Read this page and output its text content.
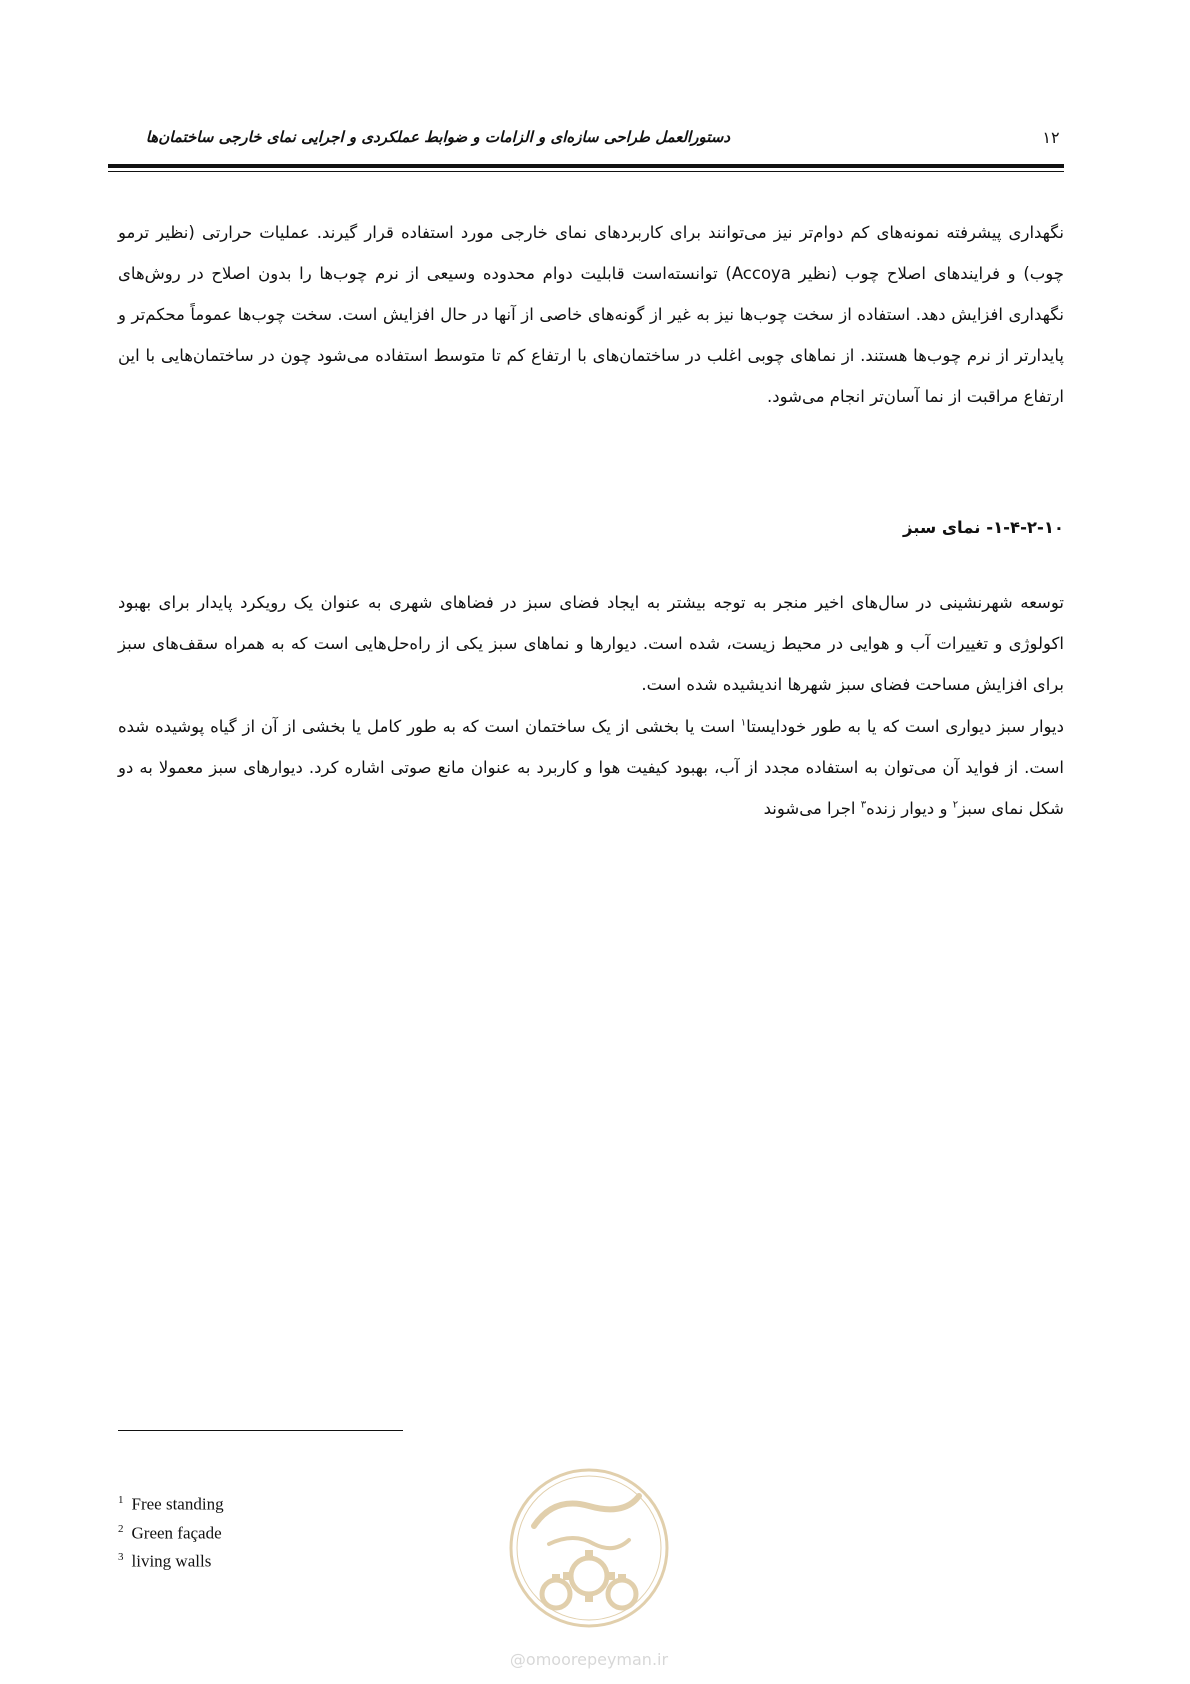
دستورالعمل طراحی سازه‌ای و الزامات و ضوابط عملکردی و اجرایی نمای خارجی ساختمان‌ها	۱۲

نگهداری پیشرفته نمونه‌های کم دوام‌تر نیز می‌توانند برای کاربردهای نمای خارجی مورد استفاده قرار گیرند. عملیات حرارتی (نظیر ترمو چوب) و فرایندهای اصلاح چوب (نظیر Accoya) توانسته‌است قابلیت دوام محدوده وسیعی از نرم چوب‌ها را بدون اصلاح در روش‌های نگهداری افزایش دهد. استفاده از سخت چوب‌ها نیز به غیر از گونه‌های خاصی از آنها در حال افزایش است. سخت چوب‌ها عموماً محکم‌تر و پایدارتر از نرم چوب‌ها هستند. از نماهای چوبی اغلب در ساختمان‌های با ارتفاع کم تا متوسط استفاده می‌شود چون در ساختمان‌هایی با این ارتفاع مراقبت از نما آسان‌تر انجام می‌شود.

۱-۴-۲-۱۰- نمای سبز

توسعه شهرنشینی در سال‌های اخیر منجر به توجه بیشتر به ایجاد فضای سبز در فضاهای شهری به عنوان یک رویکرد پایدار برای بهبود اکولوژی و تغییرات آب و هوایی در محیط زیست، شده است. دیوارها و نماهای سبز یکی از راه‌حل‌هایی است که به همراه سقف‌های سبز برای افزایش مساحت فضای سبز شهرها اندیشیده شده است.

دیوار سبز دیواری است که یا به طور خودایستا$^۱$ است یا بخشی از یک ساختمان است که به طور کامل یا بخشی از آن از گیاه پوشیده شده است. از فواید آن می‌توان به استفاده مجدد از آب، بهبود کیفیت هوا و کاربرد به عنوان مانع صوتی اشاره کرد. دیوارهای سبز معمولا به دو شکل نمای سبز$^۲$ و دیوار زنده$^۳$ اجرا می‌شوند

$^1$ Free standing
$^2$ Green façade
$^3$ living walls
@omoorepeyman.ir
